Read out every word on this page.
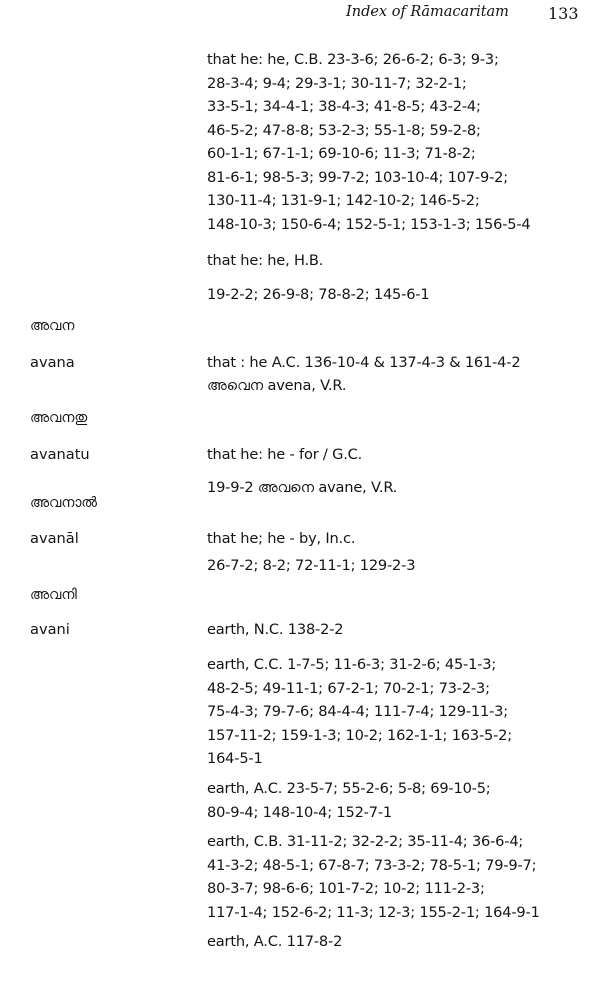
Index of Rāmacaritam 133
that he: he, C.B. 23-3-6; 26-6-2; 6-3; 9-3;
28-3-4; 9-4; 29-3-1; 30-11-7; 32-2-1;
33-5-1; 34-4-1; 38-4-3; 41-8-5; 43-2-4;
46-5-2; 47-8-8; 53-2-3; 55-1-8; 59-2-8;
60-1-1; 67-1-1; 69-10-6; 11-3; 71-8-2;
81-6-1; 98-5-3; 99-7-2; 103-10-4; 107-9-2;
130-11-4; 131-9-1; 142-10-2; 146-5-2;
148-10-3; 150-6-4; 152-5-1; 153-1-3; 156-5-4
that he: he, H.B.
19-2-2; 26-9-8; 78-8-2; 145-6-1
അവന
avana	that : he A.C. 136-10-4 & 137-4-3 & 161-4-2
അവെന avena, V.R.
അവനതു
avanatu	that he: he - for / G.C.
19-9-2 അവനെ avane, V.R.
അവനാൽ
avanāl	that he; he - by, In.c.
26-7-2; 8-2; 72-11-1; 129-2-3
അവനി
avani	earth, N.C. 138-2-2
earth, C.C. 1-7-5; 11-6-3; 31-2-6; 45-1-3;
48-2-5; 49-11-1; 67-2-1; 70-2-1; 73-2-3;
75-4-3; 79-7-6; 84-4-4; 111-7-4; 129-11-3;
157-11-2; 159-1-3; 10-2; 162-1-1; 163-5-2;
164-5-1
earth, A.C. 23-5-7; 55-2-6; 5-8; 69-10-5;
80-9-4; 148-10-4; 152-7-1
earth, C.B. 31-11-2; 32-2-2; 35-11-4; 36-6-4;
41-3-2; 48-5-1; 67-8-7; 73-3-2; 78-5-1; 79-9-7;
80-3-7; 98-6-6; 101-7-2; 10-2; 111-2-3;
117-1-4; 152-6-2; 11-3; 12-3; 155-2-1; 164-9-1
earth, A.C. 117-8-2
